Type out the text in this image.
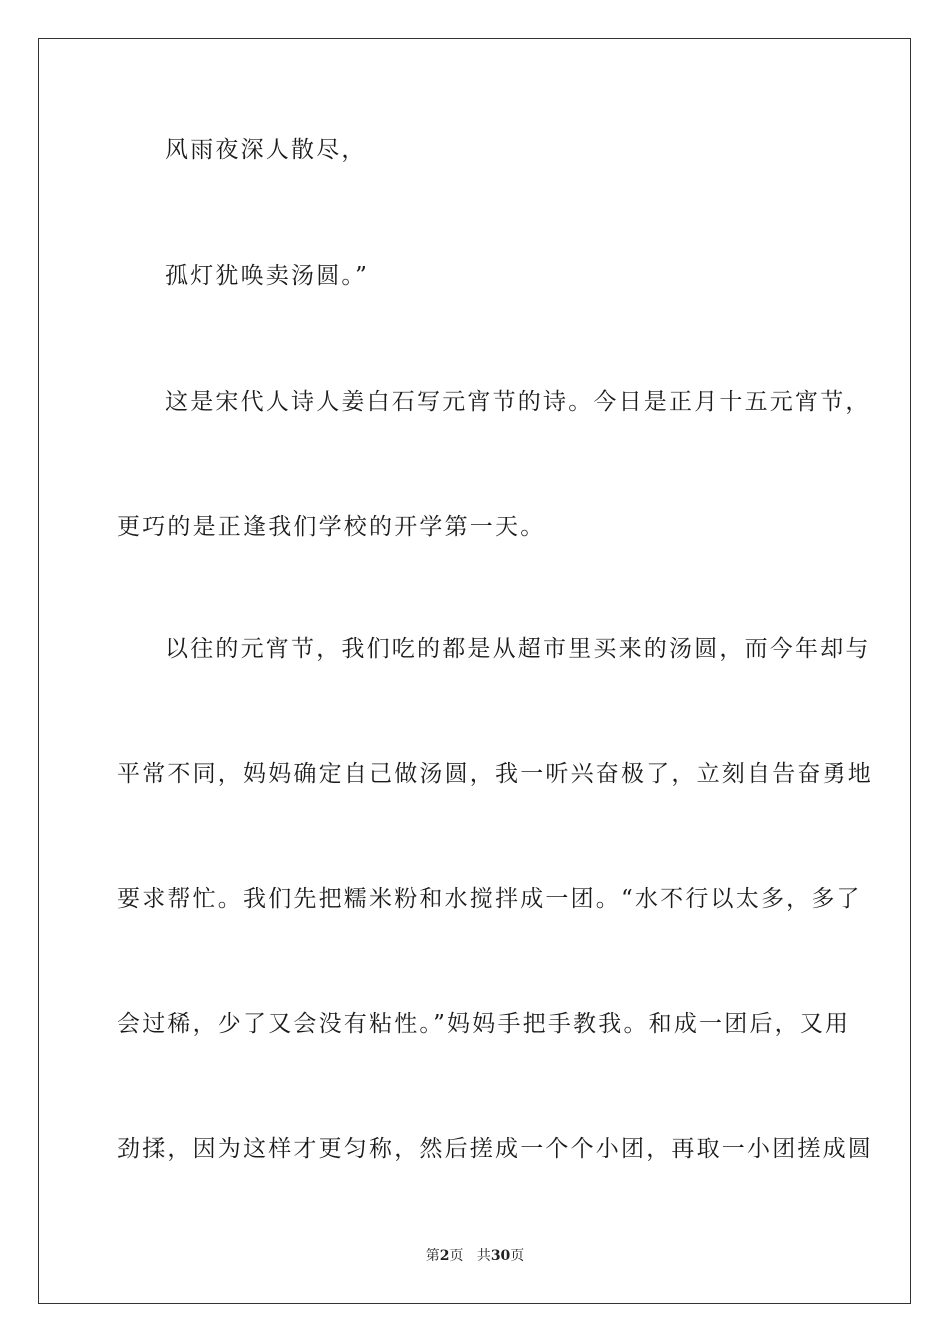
风雨夜深人散尽，
孤灯犹唤卖汤圆。”
这是宋代人诗人姜白石写元宵节的诗。今日是正月十五元宵节，
更巧的是正逢我们学校的开学第一天。
以往的元宵节，我们吃的都是从超市里买来的汤圆，而今年却与
平常不同，妈妈确定自己做汤圆，我一听兴奋极了，立刻自告奋勇地
要求帮忙。我们先把糯米粉和水搅拌成一团。“水不行以太多，多了
会过稀，少了又会没有粘性。”妈妈手把手教我。和成一团后，又用
劲揉，因为这样才更匀称，然后搓成一个个小团，再取一小团搓成圆
第2页 共30页
